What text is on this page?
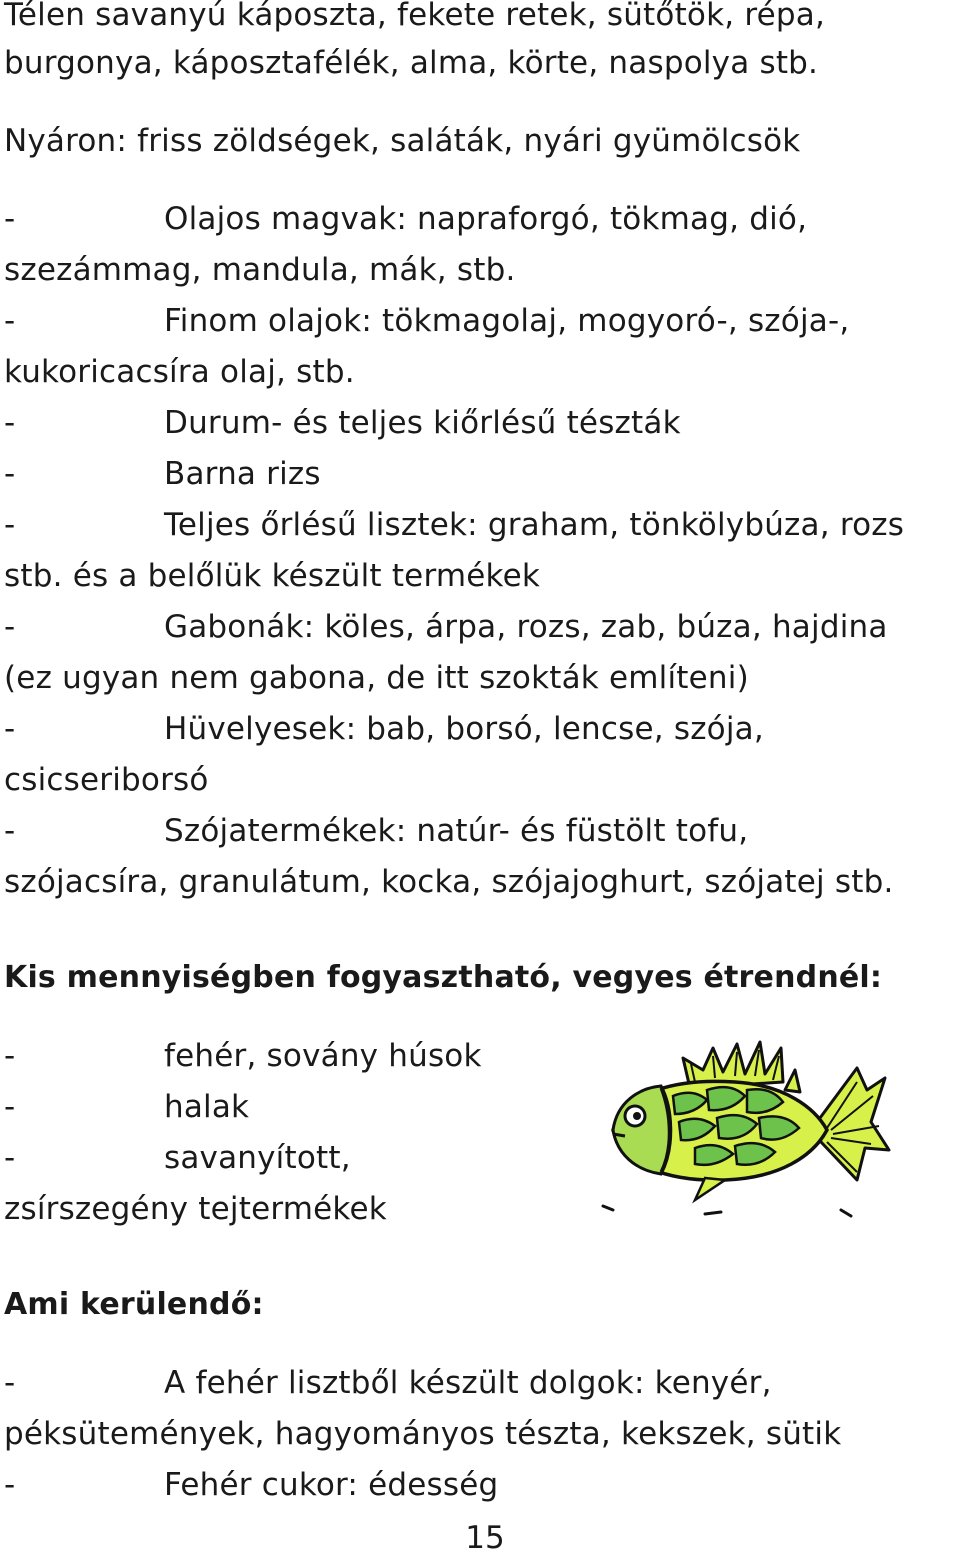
Télen savanyú káposzta, fekete retek, sütőtök, répa,
burgonya, káposztafélék, alma, körte, naspolya stb.
Nyáron: friss zöldségek, saláták, nyári gyümölcsök
-	Olajos magvak: napraforgó, tökmag, dió,
szezámmag, mandula, mák, stb.
-	Finom olajok: tökmagolaj, mogyoró-, szója-,
kukoricacsíra olaj, stb.
-	Durum- és teljes kiőrlésű tészták
-	Barna rizs
-	Teljes őrlésű lisztek: graham, tönkölybúza, rozs
stb. és a belőlük készült termékek
-	Gabonák: köles, árpa, rozs, zab, búza, hajdina
(ez ugyan nem gabona, de itt szokták említeni)
-	Hüvelyesek: bab, borsó, lencse, szója,
csicseriborsó
-	Szójatermékek: natúr- és füstölt tofu,
szójacsíra, granulátum, kocka, szójajoghurt, szójatej stb.
Kis mennyiségben fogyasztható, vegyes étrendnél:
-	fehér, sovány húsok
-	halak
-	savanyított,
zsírszegény tejtermékek
Ami kerülendő:
-	A fehér lisztből készült dolgok: kenyér,
péksütemények, hagyományos tészta, kekszek, sütik
-	Fehér cukor: édesség
15
